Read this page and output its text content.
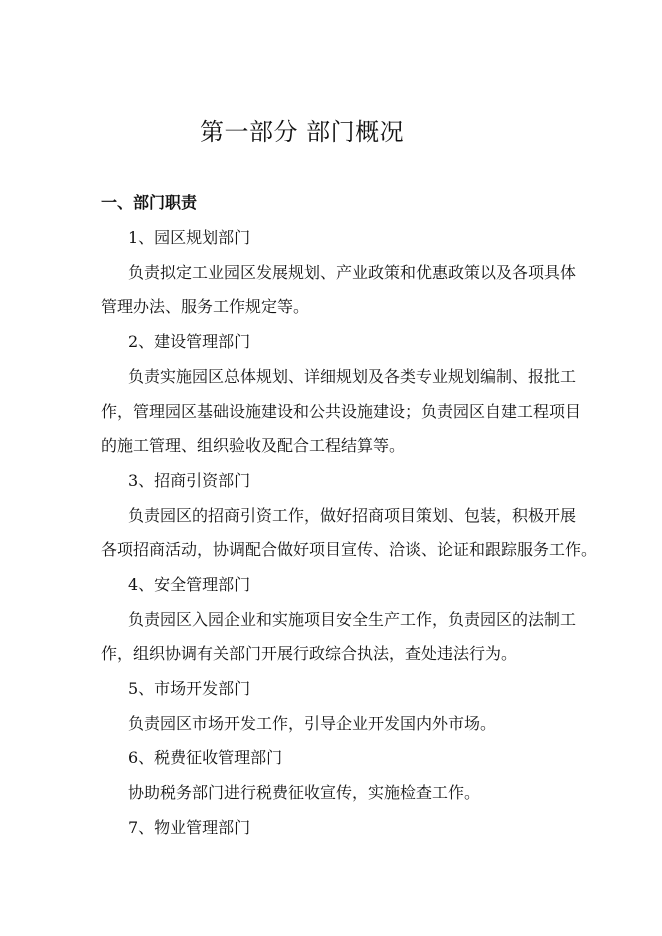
第一部分 部门概况
一、部门职责
1、园区规划部门
负责拟定工业园区发展规划、产业政策和优惠政策以及各项具体
管理办法、服务工作规定等。
2、建设管理部门
负责实施园区总体规划、详细规划及各类专业规划编制、报批工
作，管理园区基础设施建设和公共设施建设；负责园区自建工程项目
的施工管理、组织验收及配合工程结算等。
3、招商引资部门
负责园区的招商引资工作，做好招商项目策划、包装，积极开展
各项招商活动，协调配合做好项目宣传、洽谈、论证和跟踪服务工作。
4、安全管理部门
负责园区入园企业和实施项目安全生产工作，负责园区的法制工
作，组织协调有关部门开展行政综合执法，查处违法行为。
5、市场开发部门
负责园区市场开发工作，引导企业开发国内外市场。
6、税费征收管理部门
协助税务部门进行税费征收宣传，实施检查工作。
7、物业管理部门
